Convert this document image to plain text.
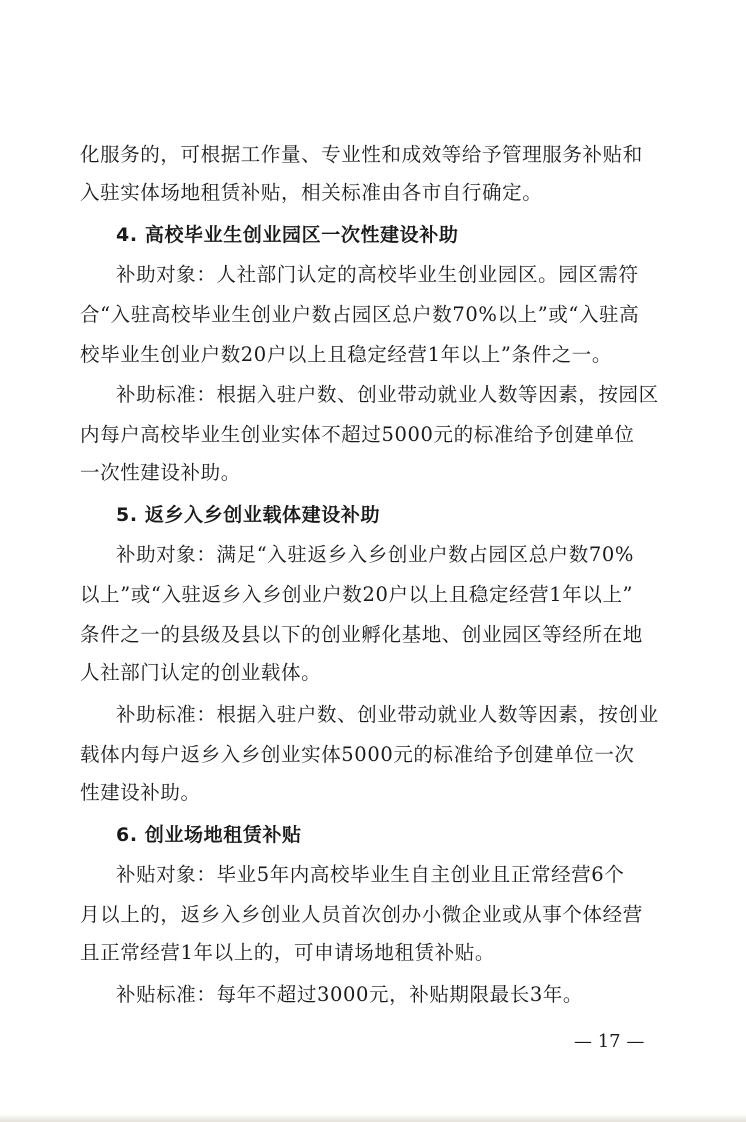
化服务的，可根据工作量、专业性和成效等给予管理服务补贴和
入驻实体场地租赁补贴，相关标准由各市自行确定。
4. 高校毕业生创业园区一次性建设补助
补助对象：人社部门认定的高校毕业生创业园区。园区需符
合“入驻高校毕业生创业户数占园区总户数70%以上”或“入驻高
校毕业生创业户数20户以上且稳定经营1年以上”条件之一。
补助标准：根据入驻户数、创业带动就业人数等因素，按园区
内每户高校毕业生创业实体不超过5000元的标准给予创建单位
一次性建设补助。
5. 返乡入乡创业载体建设补助
补助对象：满足“入驻返乡入乡创业户数占园区总户数70%
以上”或“入驻返乡入乡创业户数20户以上且稳定经营1年以上”
条件之一的县级及县以下的创业孵化基地、创业园区等经所在地
人社部门认定的创业载体。
补助标准：根据入驻户数、创业带动就业人数等因素，按创业
载体内每户返乡入乡创业实体5000元的标准给予创建单位一次
性建设补助。
6. 创业场地租赁补贴
补贴对象：毕业5年内高校毕业生自主创业且正常经营6个
月以上的，返乡入乡创业人员首次创办小微企业或从事个体经营
且正常经营1年以上的，可申请场地租赁补贴。
补贴标准：每年不超过3000元，补贴期限最长3年。
— 17 —
